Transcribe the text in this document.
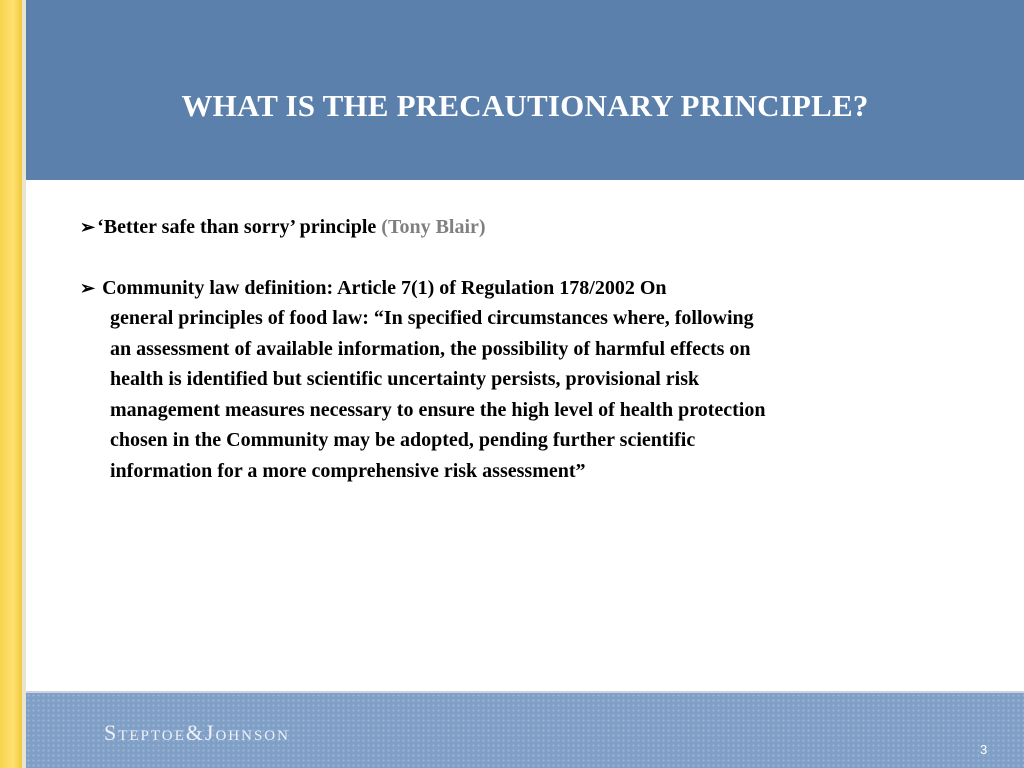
WHAT IS THE PRECAUTIONARY PRINCIPLE?
➢ ‘Better safe than sorry’ principle (Tony Blair)
➢ Community law definition: Article 7(1) of Regulation 178/2002 On
general principles of food law: “In specified circumstances where, following
an assessment of available information, the possibility of harmful effects on
health is identified but scientific uncertainty persists, provisional risk
management measures necessary to ensure the high level of health protection
chosen in the Community may be adopted, pending further scientific
information for a more comprehensive risk assessment”
Steptoe&Johnson
3
